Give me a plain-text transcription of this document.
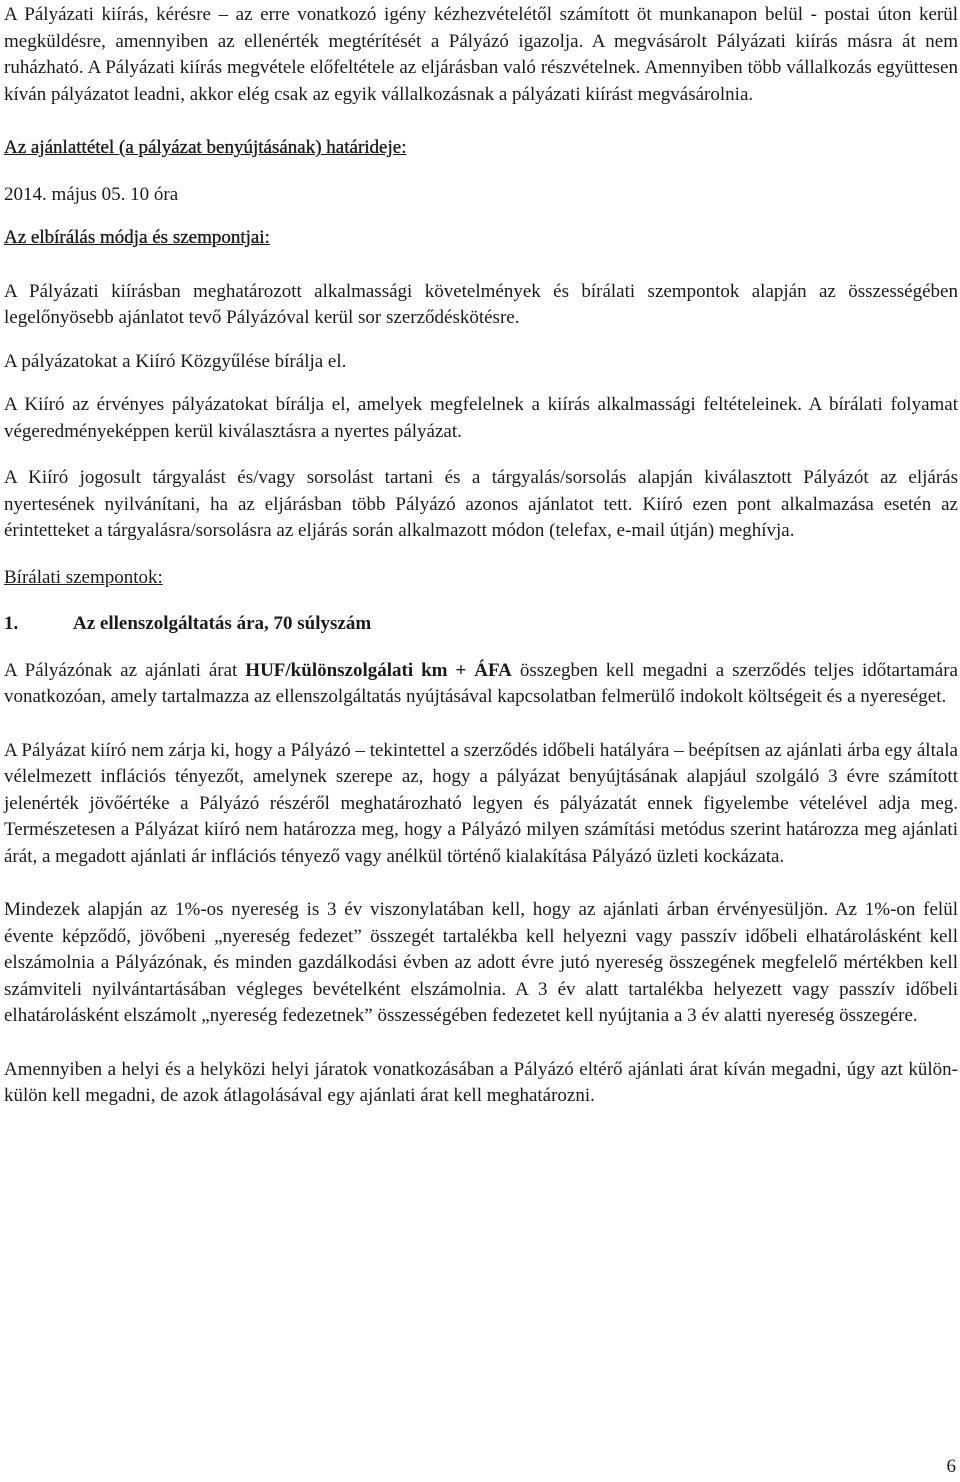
A Pályázati kiírás, kérésre – az erre vonatkozó igény kézhezvételétől számított öt munkanapon belül - postai úton kerül megküldésre, amennyiben az ellenérték megtérítését a Pályázó igazolja. A megvásárolt Pályázati kiírás másra át nem ruházható. A Pályázati kiírás megvétele előfeltétele az eljárásban való részvételnek. Amennyiben több vállalkozás együttesen kíván pályázatot leadni, akkor elég csak az egyik vállalkozásnak a pályázati kiírást megvásárolnia.

Az ajánlattétel (a pályázat benyújtásának) határideje:

2014. május 05. 10 óra

Az elbírálás módja és szempontjai:

A Pályázati kiírásban meghatározott alkalmassági követelmények és bírálati szempontok alapján az összességében legelőnyösebb ajánlatot tevő Pályázóval kerül sor szerződéskötésre.

A pályázatokat a Kiíró Közgyűlése bírálja el.

A Kiíró az érvényes pályázatokat bírálja el, amelyek megfelelnek a kiírás alkalmassági feltételeinek. A bírálati folyamat végeredményeképpen kerül kiválasztásra a nyertes pályázat.

A Kiíró jogosult tárgyalást és/vagy sorsolást tartani és a tárgyalás/sorsolás alapján kiválasztott Pályázót az eljárás nyertesének nyilvánítani, ha az eljárásban több Pályázó azonos ajánlatot tett. Kiíró ezen pont alkalmazása esetén az érintetteket a tárgyalásra/sorsolásra az eljárás során alkalmazott módon (telefax, e-mail útján) meghívja.

Bírálati szempontok:

1.	Az ellenszolgáltatás ára, 70 súlyszám

A Pályázónak az ajánlati árat HUF/különszolgálati km + ÁFA összegben kell megadni a szerződés teljes időtartamára vonatkozóan, amely tartalmazza az ellenszolgáltatás nyújtásával kapcsolatban felmerülő indokolt költségeit és a nyereséget.

A Pályázat kiíró nem zárja ki, hogy a Pályázó – tekintettel a szerződés időbeli hatályára – beépítsen az ajánlati árba egy általa vélelmezett inflációs tényezőt, amelynek szerepe az, hogy a pályázat benyújtásának alapjául szolgáló 3 évre számított jelenérték jövőértéke a Pályázó részéről meghatározható legyen és pályázatát ennek figyelembe vételével adja meg. Természetesen a Pályázat kiíró nem határozza meg, hogy a Pályázó milyen számítási metódus szerint határozza meg ajánlati árát, a megadott ajánlati ár inflációs tényező vagy anélkül történő kialakítása Pályázó üzleti kockázata.

Mindezek alapján az 1%-os nyereség is 3 év viszonylatában kell, hogy az ajánlati árban érvényesüljön. Az 1%-on felül évente képződő, jövőbeni „nyereség fedezet” összegét tartalékba kell helyezni vagy passzív időbeli elhatárolásként kell elszámolnia a Pályázónak, és minden gazdálkodási évben az adott évre jutó nyereség összegének megfelelő mértékben kell számviteli nyilvántartásában végleges bevételként elszámolnia. A 3 év alatt tartalékba helyezett vagy passzív időbeli elhatárolásként elszámolt „nyereség fedezetnek” összességében fedezetet kell nyújtania a 3 év alatti nyereség összegére.

Amennyiben a helyi és a helyközi helyi járatok vonatkozásában a Pályázó eltérő ajánlati árat kíván megadni, úgy azt külön-külön kell megadni, de azok átlagolásával egy ajánlati árat kell meghatározni.

6
